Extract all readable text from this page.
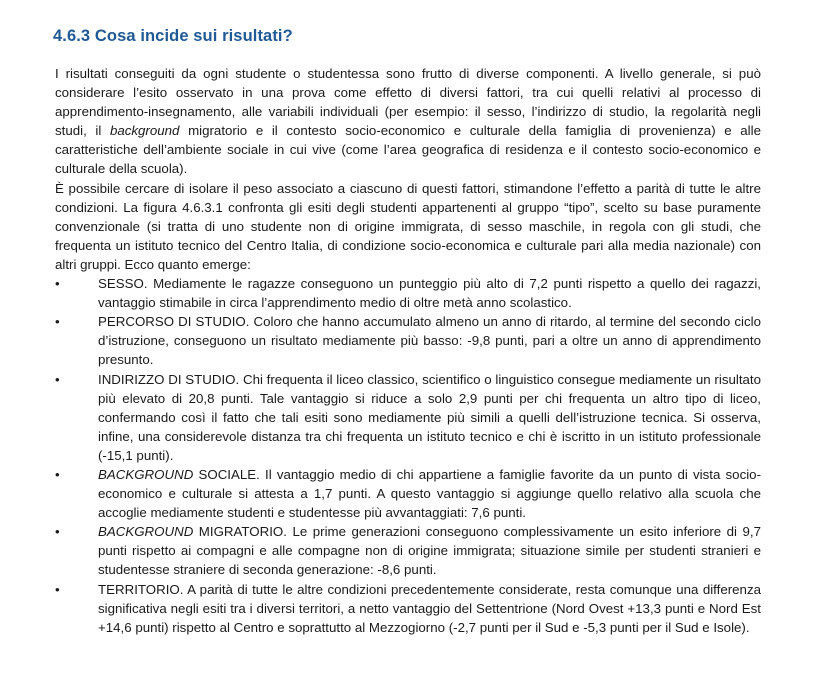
4.6.3 Cosa incide sui risultati?

I risultati conseguiti da ogni studente o studentessa sono frutto di diverse componenti. A livello generale, si può considerare l’esito osservato in una prova come effetto di diversi fattori, tra cui quelli relativi al processo di apprendimento-insegnamento, alle variabili individuali (per esempio: il sesso, l’indirizzo di studio, la regolarità negli studi, il background migratorio e il contesto socio-economico e culturale della famiglia di provenienza) e alle caratteristiche dell’ambiente sociale in cui vive (come l’area geografica di residenza e il contesto socio-economico e culturale della scuola).

È possibile cercare di isolare il peso associato a ciascuno di questi fattori, stimandone l’effetto a parità di tutte le altre condizioni. La figura 4.6.3.1 confronta gli esiti degli studenti appartenenti al gruppo “tipo”, scelto su base puramente convenzionale (si tratta di uno studente non di origine immigrata, di sesso maschile, in regola con gli studi, che frequenta un istituto tecnico del Centro Italia, di condizione socio-economica e culturale pari alla media nazionale) con altri gruppi. Ecco quanto emerge:

•	SESSO. Mediamente le ragazze conseguono un punteggio più alto di 7,2 punti rispetto a quello dei ragazzi, vantaggio stimabile in circa l’apprendimento medio di oltre metà anno scolastico.
•	PERCORSO DI STUDIO. Coloro che hanno accumulato almeno un anno di ritardo, al termine del secondo ciclo d’istruzione, conseguono un risultato mediamente più basso: -9,8 punti, pari a oltre un anno di apprendimento presunto.
•	INDIRIZZO DI STUDIO. Chi frequenta il liceo classico, scientifico o linguistico consegue mediamente un risultato più elevato di 20,8 punti. Tale vantaggio si riduce a solo 2,9 punti per chi frequenta un altro tipo di liceo, confermando così il fatto che tali esiti sono mediamente più simili a quelli dell’istruzione tecnica. Si osserva, infine, una considerevole distanza tra chi frequenta un istituto tecnico e chi è iscritto in un istituto professionale (-15,1 punti).
•	BACKGROUND SOCIALE. Il vantaggio medio di chi appartiene a famiglie favorite da un punto di vista socio-economico e culturale si attesta a 1,7 punti. A questo vantaggio si aggiunge quello relativo alla scuola che accoglie mediamente studenti e studentesse più avvantaggiati: 7,6 punti.
•	BACKGROUND MIGRATORIO. Le prime generazioni conseguono complessivamente un esito inferiore di 9,7 punti rispetto ai compagni e alle compagne non di origine immigrata; situazione simile per studenti stranieri e studentesse straniere di seconda generazione: -8,6 punti.
•	TERRITORIO. A parità di tutte le altre condizioni precedentemente considerate, resta comunque una differenza significativa negli esiti tra i diversi territori, a netto vantaggio del Settentrione (Nord Ovest +13,3 punti e Nord Est +14,6 punti) rispetto al Centro e soprattutto al Mezzogiorno (-2,7 punti per il Sud e -5,3 punti per il Sud e Isole).
